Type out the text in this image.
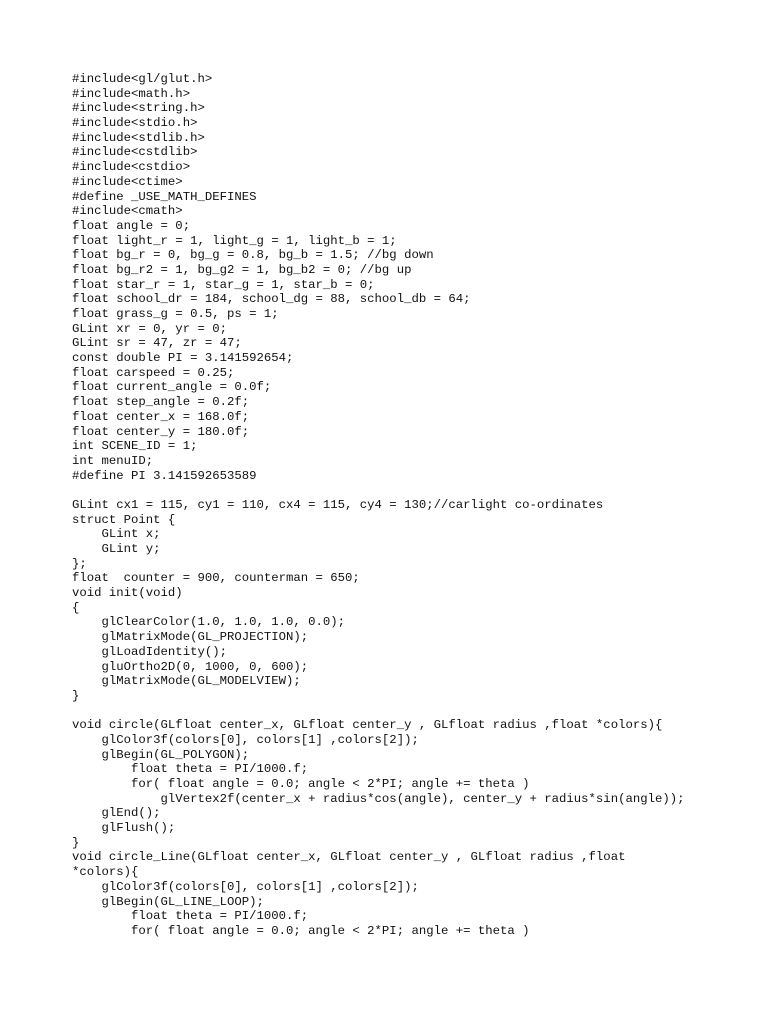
#include<gl/glut.h>
#include<math.h>
#include<string.h>
#include<stdio.h>
#include<stdlib.h>
#include<cstdlib>
#include<cstdio>
#include<ctime>
#define _USE_MATH_DEFINES
#include<cmath>
float angle = 0;
float light_r = 1, light_g = 1, light_b = 1;
float bg_r = 0, bg_g = 0.8, bg_b = 1.5; //bg down
float bg_r2 = 1, bg_g2 = 1, bg_b2 = 0; //bg up
float star_r = 1, star_g = 1, star_b = 0;
float school_dr = 184, school_dg = 88, school_db = 64;
float grass_g = 0.5, ps = 1;
GLint xr = 0, yr = 0;
GLint sr = 47, zr = 47;
const double PI = 3.141592654;
float carspeed = 0.25;
float current_angle = 0.0f;
float step_angle = 0.2f;
float center_x = 168.0f;
float center_y = 180.0f;
int SCENE_ID = 1;
int menuID;
#define PI 3.141592653589
GLint cx1 = 115, cy1 = 110, cx4 = 115, cy4 = 130;//carlight co-ordinates
struct Point {
GLint x;
GLint y;
};
float  counter = 900, counterman = 650;
void init(void)
{
glClearColor(1.0, 1.0, 1.0, 0.0);
glMatrixMode(GL_PROJECTION);
glLoadIdentity();
gluOrtho2D(0, 1000, 0, 600);
glMatrixMode(GL_MODELVIEW);
}
void circle(GLfloat center_x, GLfloat center_y , GLfloat radius ,float *colors){
glColor3f(colors[0], colors[1] ,colors[2]);
glBegin(GL_POLYGON);
float theta = PI/1000.f;
for( float angle = 0.0; angle < 2*PI; angle += theta )
glVertex2f(center_x + radius*cos(angle), center_y + radius*sin(angle));
glEnd();
glFlush();
}
void circle_Line(GLfloat center_x, GLfloat center_y , GLfloat radius ,float
*colors){
glColor3f(colors[0], colors[1] ,colors[2]);
glBegin(GL_LINE_LOOP);
float theta = PI/1000.f;
for( float angle = 0.0; angle < 2*PI; angle += theta )
